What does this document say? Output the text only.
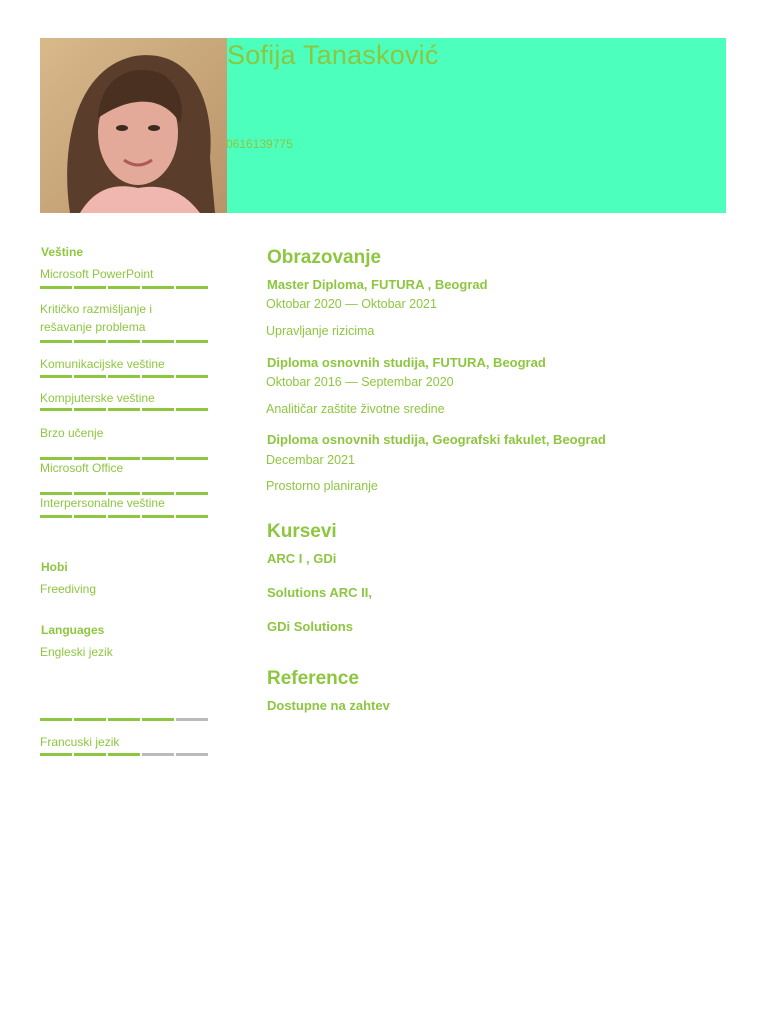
Sofija Tanasković
0616139775
Veštine
Microsoft PowerPoint
Kritičko razmišljanje i rešavanje problema
Komunikacijske veštine
Kompjuterske veštine
Brzo učenje
Microsoft Office
Interpersonalne veštine
Hobi
Freediving
Languages
Engleski jezik
Francuski jezik
Obrazovanje
Master Diploma, FUTURA , Beograd
Oktobar 2020 — Oktobar 2021
Upravljanje rizicima
Diploma osnovnih studija, FUTURA, Beograd
Oktobar 2016 — Septembar 2020
Analitičar zaštite životne sredine
Diploma osnovnih studija, Geografski fakulet, Beograd
Decembar 2021
Prostorno planiranje
Kursevi
ARC I , GDi
Solutions ARC II,
GDi Solutions
Reference
Dostupne na zahtev
